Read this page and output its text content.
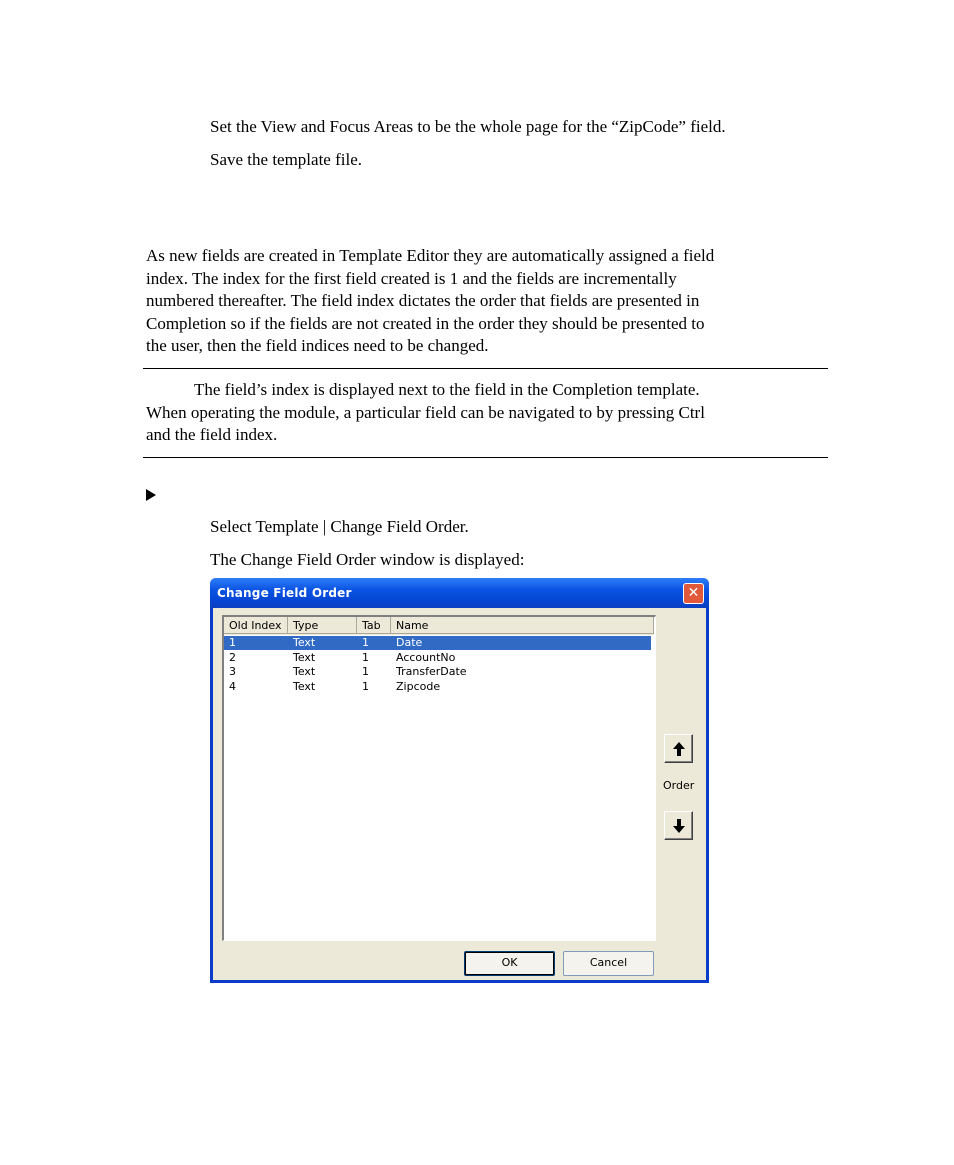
Set the View and Focus Areas to be the whole page for the “ZipCode” field.
Save the template file.
As new fields are created in Template Editor they are automatically assigned a field
index. The index for the first field created is 1 and the fields are incrementally
numbered thereafter. The field index dictates the order that fields are presented in
Completion so if the fields are not created in the order they should be presented to
the user, then the field indices need to be changed.
The field’s index is displayed next to the field in the Completion template.
When operating the module, a particular field can be navigated to by pressing Ctrl
and the field index.
Select Template | Change Field Order.
The Change Field Order window is displayed:
Change Field Order	✕
Old Index	Type	Tab	Name
1	Text	1 Date
2	Text	1 AccountNo
3	Text	1 TransferDate
4	Text	1 Zipcode
Order
OK	Cancel
